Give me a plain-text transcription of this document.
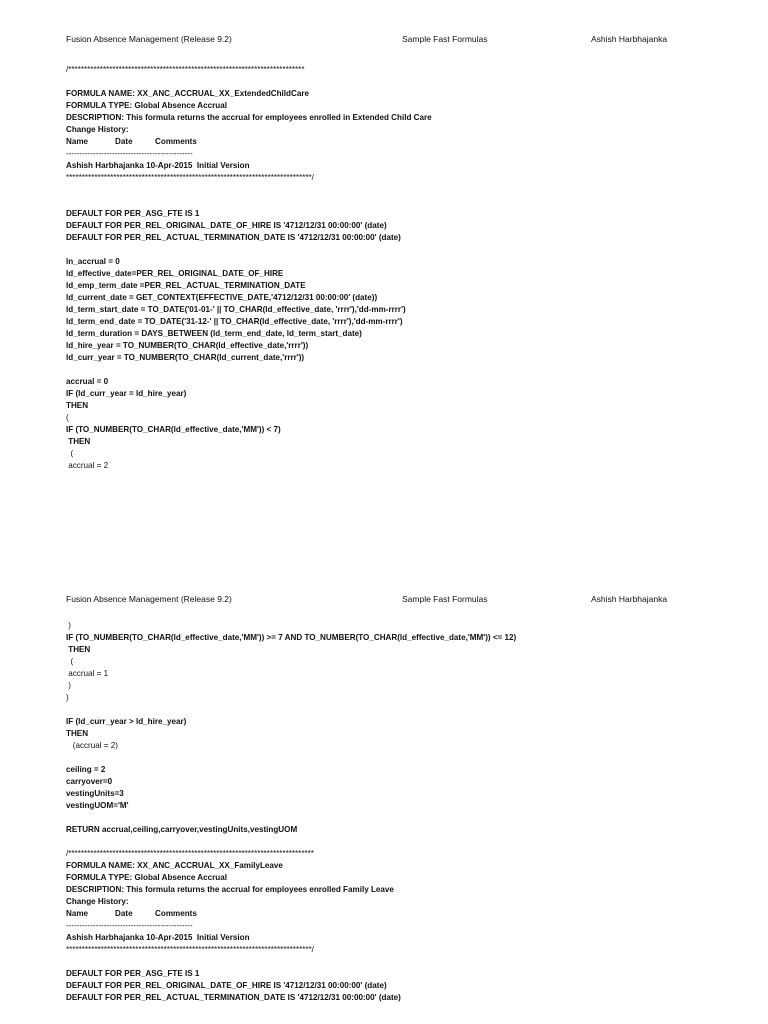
Fusion Absence Management (Release 9.2)	Sample Fast Formulas	Ashish Harbhajanka
/***************************************************************************
FORMULA NAME: XX_ANC_ACCRUAL_XX_ExtendedChildCare
FORMULA TYPE: Global Absence Accrual
DESCRIPTION: This formula returns the accrual for employees enrolled in Extended Child Care
Change History:
Name            Date          Comments
-----------------------------------------------
Ashish Harbhajanka 10-Apr-2015  Initial Version
******************************************************************************/
DEFAULT FOR PER_ASG_FTE IS 1
DEFAULT FOR PER_REL_ORIGINAL_DATE_OF_HIRE IS '4712/12/31 00:00:00' (date)
DEFAULT FOR PER_REL_ACTUAL_TERMINATION_DATE IS '4712/12/31 00:00:00' (date)
ln_accrual = 0
ld_effective_date=PER_REL_ORIGINAL_DATE_OF_HIRE
ld_emp_term_date =PER_REL_ACTUAL_TERMINATION_DATE
ld_current_date = GET_CONTEXT(EFFECTIVE_DATE,'4712/12/31 00:00:00' (date))
ld_term_start_date = TO_DATE('01-01-' || TO_CHAR(ld_effective_date, 'rrrr'),'dd-mm-rrrr')
ld_term_end_date = TO_DATE('31-12-' || TO_CHAR(ld_effective_date, 'rrrr'),'dd-mm-rrrr')
ld_term_duration = DAYS_BETWEEN (ld_term_end_date, ld_term_start_date)
ld_hire_year = TO_NUMBER(TO_CHAR(ld_effective_date,'rrrr'))
ld_curr_year = TO_NUMBER(TO_CHAR(ld_current_date,'rrrr'))
accrual = 0
IF (ld_curr_year = ld_hire_year)
THEN
(
IF (TO_NUMBER(TO_CHAR(ld_effective_date,'MM')) < 7)
THEN
(
accrual = 2
Fusion Absence Management (Release 9.2)	Sample Fast Formulas	Ashish Harbhajanka
)
IF (TO_NUMBER(TO_CHAR(ld_effective_date,'MM')) >= 7 AND TO_NUMBER(TO_CHAR(ld_effective_date,'MM')) <= 12)
THEN
(
accrual = 1
)
)
IF (ld_curr_year > ld_hire_year)
THEN
(accrual = 2)
ceiling = 2
carryover=0
vestingUnits=3
vestingUOM='M'
RETURN accrual,ceiling,carryover,vestingUnits,vestingUOM
/******************************************************************************
FORMULA NAME: XX_ANC_ACCRUAL_XX_FamilyLeave
FORMULA TYPE: Global Absence Accrual
DESCRIPTION: This formula returns the accrual for employees enrolled Family Leave
Change History:
Name            Date          Comments
-----------------------------------------------
Ashish Harbhajanka 10-Apr-2015  Initial Version
******************************************************************************/
DEFAULT FOR PER_ASG_FTE IS 1
DEFAULT FOR PER_REL_ORIGINAL_DATE_OF_HIRE IS '4712/12/31 00:00:00' (date)
DEFAULT FOR PER_REL_ACTUAL_TERMINATION_DATE IS '4712/12/31 00:00:00' (date)
